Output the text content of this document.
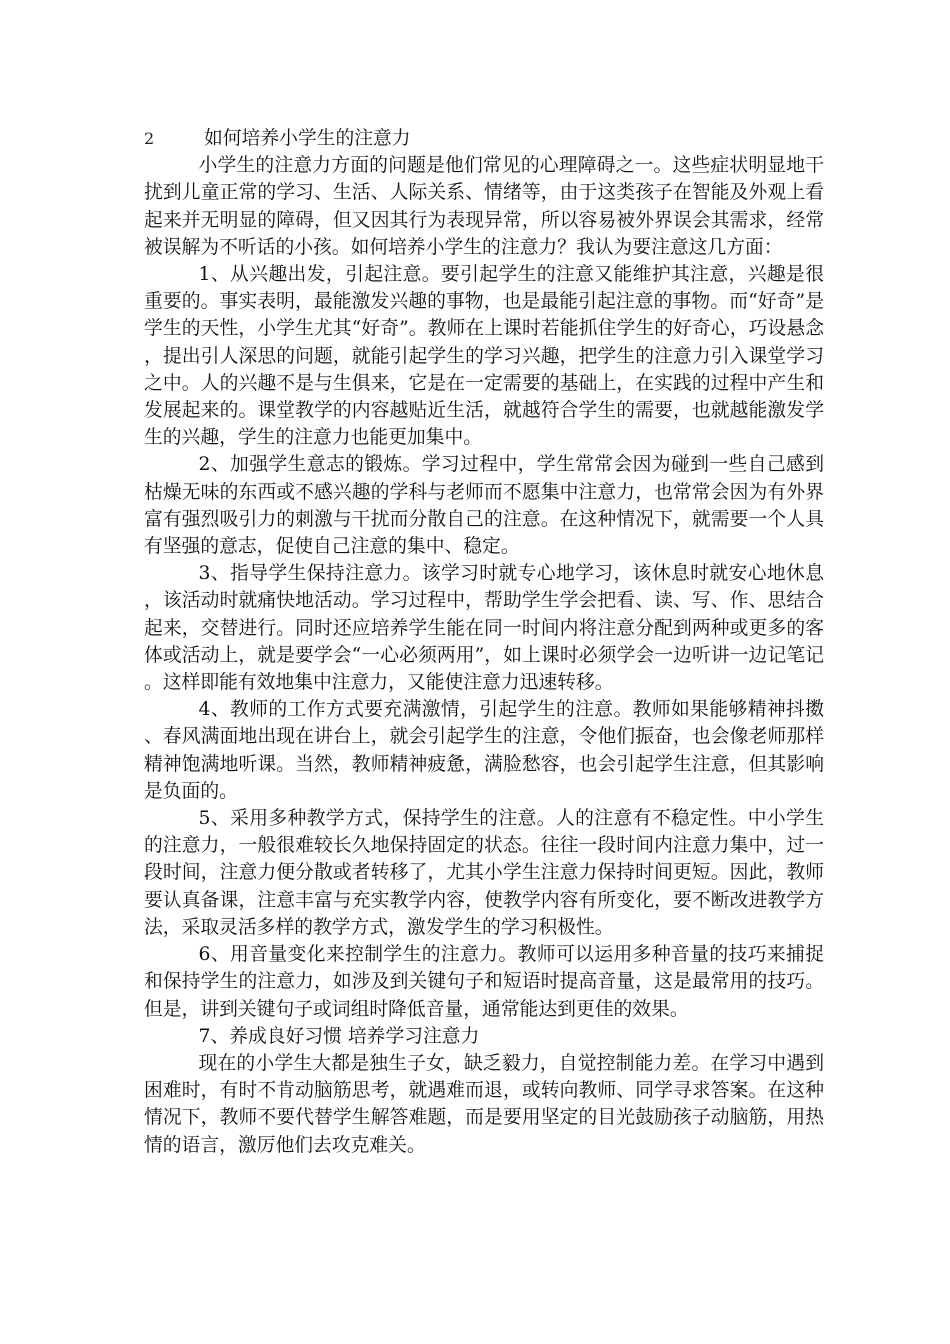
2	如何培养小学生的注意力

小学生的注意力方面的问题是他们常见的心理障碍之一。这些症状明显地干扰到儿童正常的学习、生活、人际关系、情绪等，由于这类孩子在智能及外观上看起来并无明显的障碍，但又因其行为表现异常，所以容易被外界误会其需求，经常被误解为不听话的小孩。如何培养小学生的注意力？我认为要注意这几方面：

1、从兴趣出发，引起注意。要引起学生的注意又能维护其注意，兴趣是很重要的。事实表明，最能激发兴趣的事物，也是最能引起注意的事物。而“好奇”是学生的天性，小学生尤其“好奇”。教师在上课时若能抓住学生的好奇心，巧设悬念，提出引人深思的问题，就能引起学生的学习兴趣，把学生的注意力引入课堂学习之中。人的兴趣不是与生俱来，它是在一定需要的基础上，在实践的过程中产生和发展起来的。课堂教学的内容越贴近生活，就越符合学生的需要，也就越能激发学生的兴趣，学生的注意力也能更加集中。

2、加强学生意志的锻炼。学习过程中，学生常常会因为碰到一些自己感到枯燥无味的东西或不感兴趣的学科与老师而不愿集中注意力，也常常会因为有外界富有强烈吸引力的刺激与干扰而分散自己的注意。在这种情况下，就需要一个人具有坚强的意志，促使自己注意的集中、稳定。

3、指导学生保持注意力。该学习时就专心地学习，该休息时就安心地休息，该活动时就痛快地活动。学习过程中，帮助学生学会把看、读、写、作、思结合起来，交替进行。同时还应培养学生能在同一时间内将注意分配到两种或更多的客体或活动上，就是要学会“一心必须两用”，如上课时必须学会一边听讲一边记笔记。这样即能有效地集中注意力，又能使注意力迅速转移。

4、教师的工作方式要充满激情，引起学生的注意。教师如果能够精神抖擞、春风满面地出现在讲台上，就会引起学生的注意，令他们振奋，也会像老师那样精神饱满地听课。当然，教师精神疲惫，满脸愁容，也会引起学生注意，但其影响是负面的。

5、采用多种教学方式，保持学生的注意。人的注意有不稳定性。中小学生的注意力，一般很难较长久地保持固定的状态。往往一段时间内注意力集中，过一段时间，注意力便分散或者转移了，尤其小学生注意力保持时间更短。因此，教师要认真备课，注意丰富与充实教学内容，使教学内容有所变化，要不断改进教学方法，采取灵活多样的教学方式，激发学生的学习积极性。

6、用音量变化来控制学生的注意力。教师可以运用多种音量的技巧来捕捉和保持学生的注意力，如涉及到关键句子和短语时提高音量，这是最常用的技巧。但是，讲到关键句子或词组时降低音量，通常能达到更佳的效果。

7、养成良好习惯 培养学习注意力

现在的小学生大都是独生子女，缺乏毅力，自觉控制能力差。在学习中遇到困难时，有时不肯动脑筋思考，就遇难而退，或转向教师、同学寻求答案。在这种情况下，教师不要代替学生解答难题，而是要用坚定的目光鼓励孩子动脑筋，用热情的语言，激厉他们去攻克难关。
